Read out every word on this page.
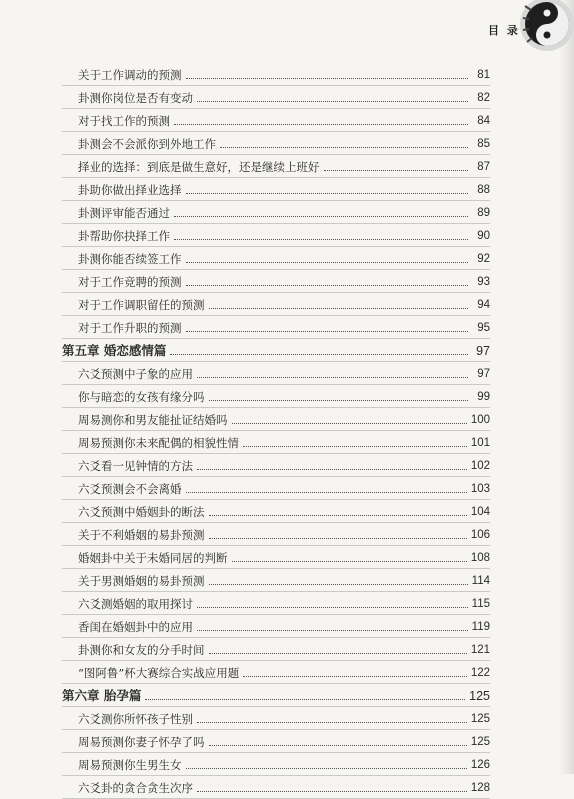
目 录
关于工作调动的预测	81
卦测你岗位是否有变动	82
对于找工作的预测	84
卦测会不会派你到外地工作	85
择业的选择：到底是做生意好，还是继续上班好	87
卦助你做出择业选择	88
卦测评审能否通过	89
卦帮助你抉择工作	90
卦测你能否续签工作	92
对于工作竞聘的预测	93
对于工作调职留任的预测	94
对于工作升职的预测	95
第五章 婚恋感情篇	97
六爻预测中子象的应用	97
你与暗恋的女孩有缘分吗	99
周易测你和男友能扯证结婚吗	100
周易预测你未来配偶的相貌性情	101
六爻看一见钟情的方法	102
六爻预测会不会离婚	103
六爻预测中婚姻卦的断法	104
关于不利婚姻的易卦预测	106
婚姻卦中关于未婚同居的判断	108
关于男测婚姻的易卦预测	114
六爻测婚姻的取用探讨	115
香闺在婚姻卦中的应用	119
卦测你和女友的分手时间	121
“图阿鲁”杯大赛综合实战应用题	122
第六章 胎孕篇	125
六爻测你所怀孩子性别	125
周易预测你妻子怀孕了吗	125
周易预测你生男生女	126
六爻卦的贪合贪生次序	128
